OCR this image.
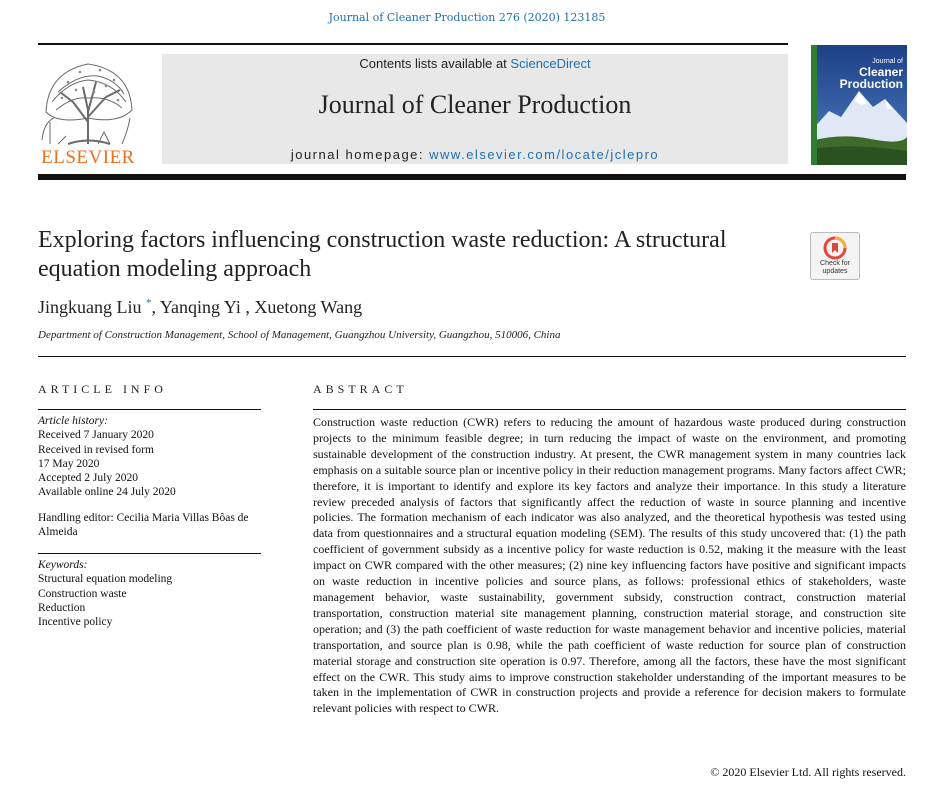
Journal of Cleaner Production 276 (2020) 123185
ELSEVIER
Contents lists available at ScienceDirect
Journal of Cleaner Production
journal homepage: www.elsevier.com/locate/jclepro
Journal of
Cleaner
Production
Exploring factors influencing construction waste reduction: A structural equation modeling approach	Check for
updates
Jingkuang Liu *, Yanqing Yi , Xuetong Wang
Department of Construction Management, School of Management, Guangzhou University, Guangzhou, 510006, China
ARTICLE INFO
Article history:
Received 7 January 2020
Received in revised form
17 May 2020
Accepted 2 July 2020
Available online 24 July 2020
Handling editor: Cecilia Maria Villas Bôas de Almeida
Keywords:
Structural equation modeling
Construction waste
Reduction
Incentive policy
ABSTRACT
Construction waste reduction (CWR) refers to reducing the amount of hazardous waste produced during construction projects to the minimum feasible degree; in turn reducing the impact of waste on the environment, and promoting sustainable development of the construction industry. At present, the CWR management system in many countries lack emphasis on a suitable source plan or incentive policy in their reduction management programs. Many factors affect CWR; therefore, it is important to identify and explore its key factors and analyze their importance. In this study a literature review preceded analysis of factors that significantly affect the reduction of waste in source planning and incentive policies. The formation mechanism of each indicator was also analyzed, and the theoretical hypothesis was tested using data from questionnaires and a structural equation modeling (SEM). The results of this study uncovered that: (1) the path coefficient of government subsidy as a incentive policy for waste reduction is 0.52, making it the measure with the least impact on CWR compared with the other measures; (2) nine key influencing factors have positive and significant impacts on waste reduction in incentive policies and source plans, as follows: professional ethics of stakeholders, waste management behavior, waste sustainability, government subsidy, construction contract, construction material transportation, construction material site management planning, construction material storage, and construction site operation; and (3) the path coefficient of waste reduction for waste management behavior and incentive policies, material transportation, and source plan is 0.98, while the path coefficient of waste reduction for source plan of construction material storage and construction site operation is 0.97. Therefore, among all the factors, these have the most significant effect on the CWR. This study aims to improve construction stakeholder understanding of the important measures to be taken in the implementation of CWR in construction projects and provide a reference for decision makers to formulate relevant policies with respect to CWR.
© 2020 Elsevier Ltd. All rights reserved.
